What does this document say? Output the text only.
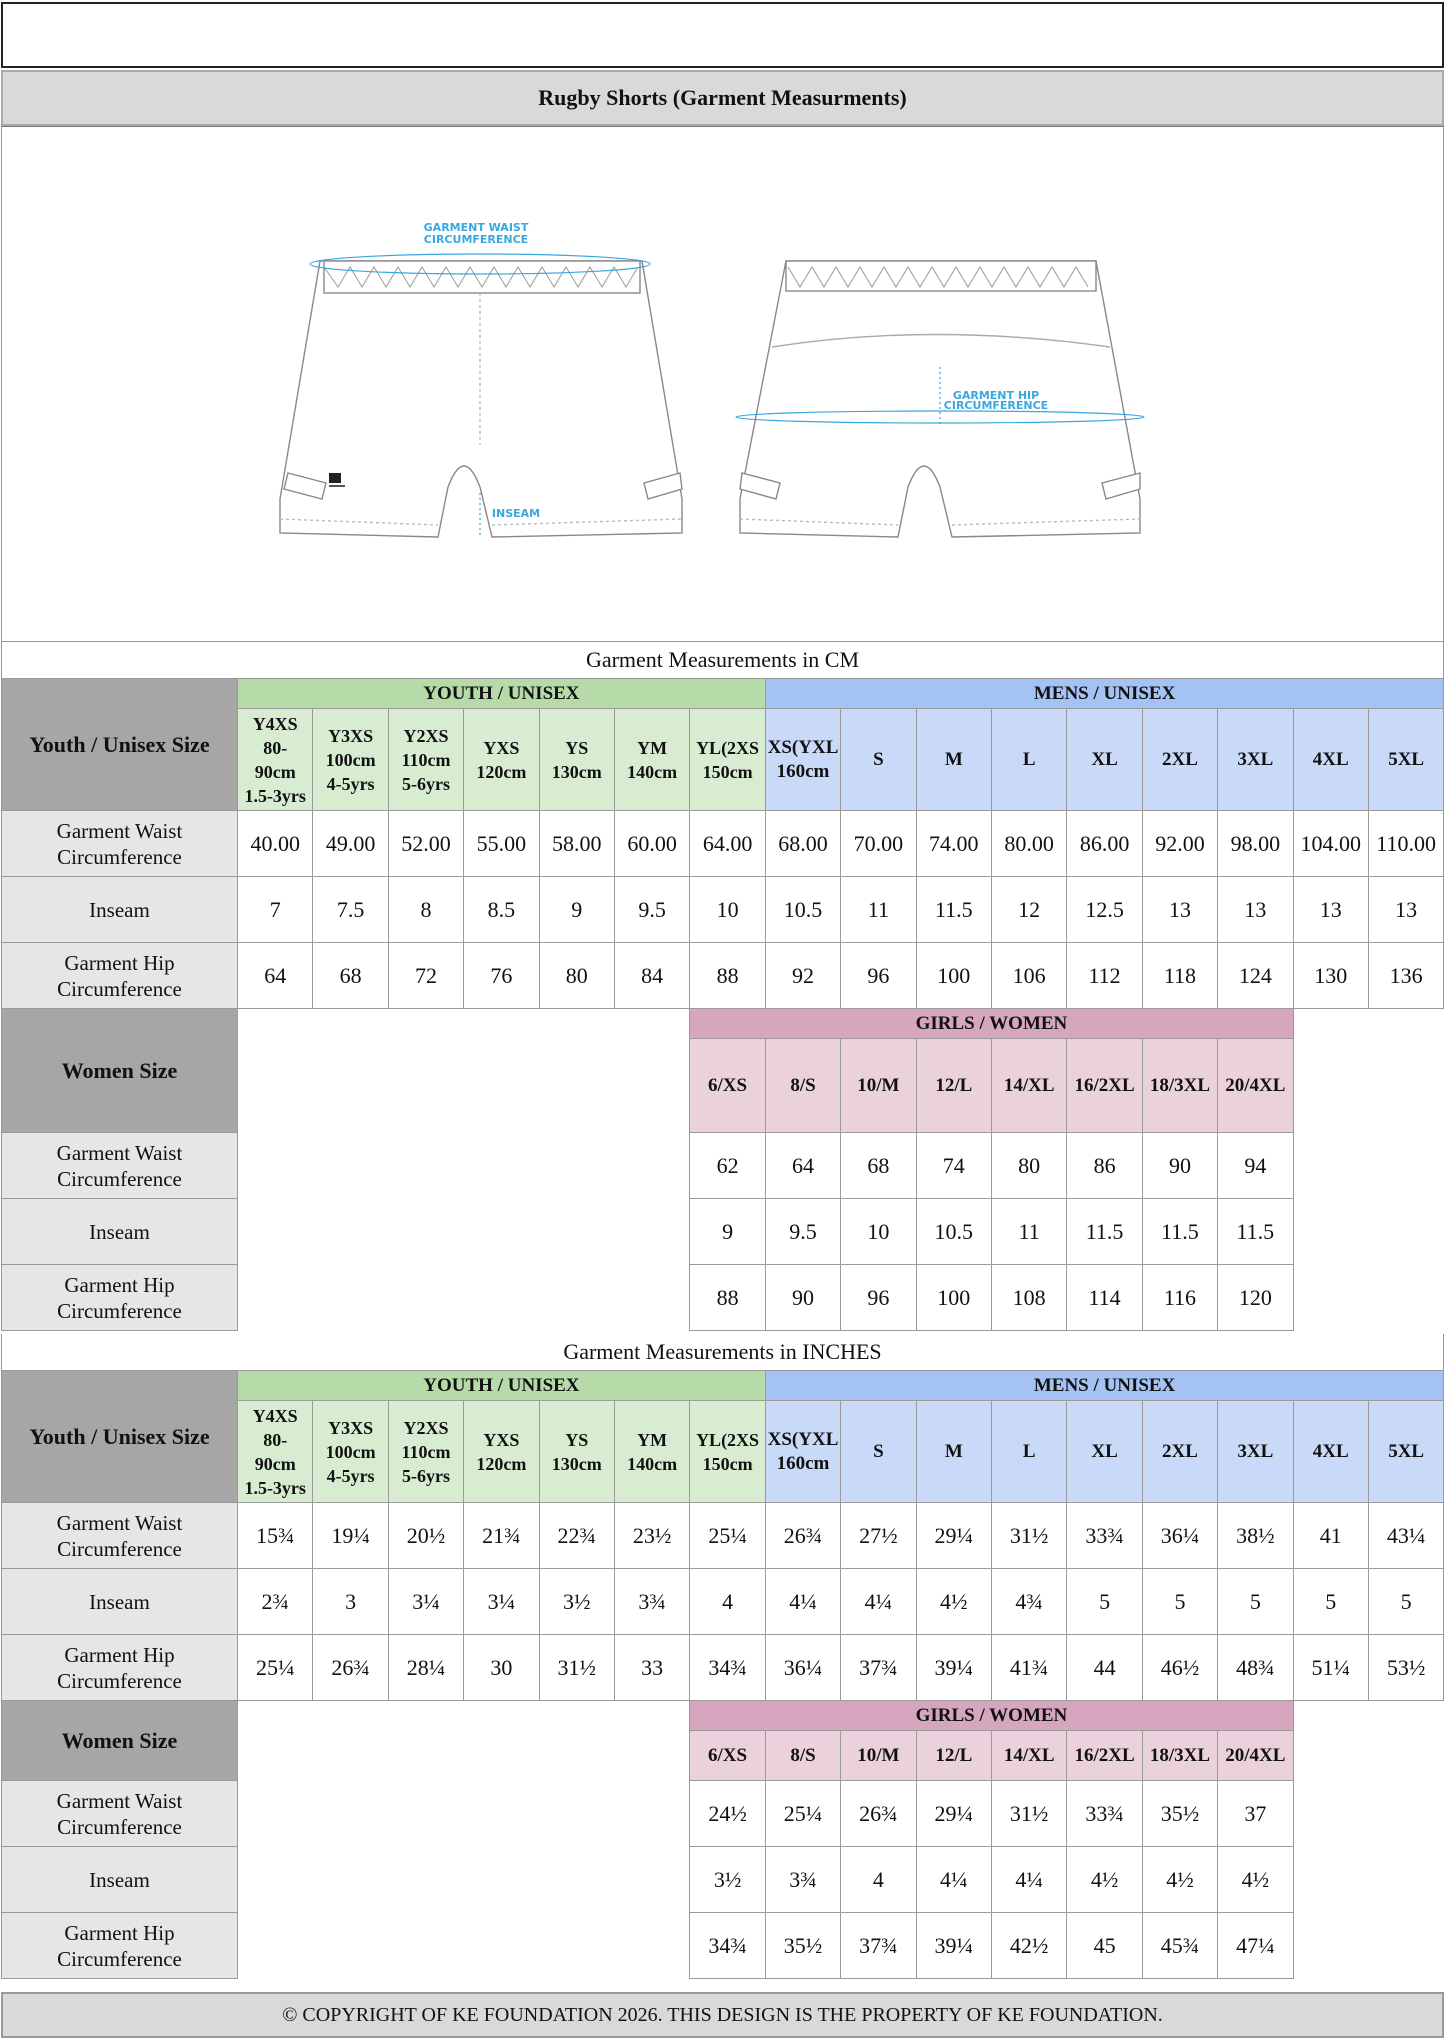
Rugby Shorts (Garment Measurments)
GARMENT WAIST
CIRCUMFERENCE
GARMENT HIP
CIRCUMFERENCE
INSEAM
Garment Measurements in CM
Youth / Unisex Size	YOUTH / UNISEX							MENS / UNISEX								
	Y4XS
80-
90cm
1.5-3yrs	Y3XS
100cm
4-5yrs	Y2XS
110cm
5-6yrs	YXS
120cm	YS
130cm	YM
140cm	YL(2XS
150cm	XS(YXL
160cm	S	M	L	XL	2XL	3XL	4XL	5XL
Garment Waist
Circumference	40.00	49.00	52.00	55.00	58.00	60.00	64.00	68.00	70.00	74.00	80.00	86.00	92.00	98.00	104.00	110.00
Inseam	7	7.5	8	8.5	9	9.5	10	10.5	11	11.5	12	12.5	13	13	13	13
Garment Hip
Circumference	64	68	72	76	80	84	88	92	96	100	106	112	118	124	130	136
Women Size							GIRLS / WOMEN									
							6/XS	8/S	10/M	12/L	14/XL	16/2XL	18/3XL	20/4XL		
Garment Waist
Circumference							62	64	68	74	80	86	90	94		
Inseam							9	9.5	10	10.5	11	11.5	11.5	11.5		
Garment Hip
Circumference							88	90	96	100	108	114	116	120		
Garment Measurements in INCHES
Youth / Unisex Size	YOUTH / UNISEX							MENS / UNISEX								
	Y4XS
80-
90cm
1.5-3yrs	Y3XS
100cm
4-5yrs	Y2XS
110cm
5-6yrs	YXS
120cm	YS
130cm	YM
140cm	YL(2XS
150cm	XS(YXL
160cm	S	M	L	XL	2XL	3XL	4XL	5XL
Garment Waist
Circumference	15¾	19¼	20½	21¾	22¾	23½	25¼	26¾	27½	29¼	31½	33¾	36¼	38½	41	43¼
Inseam	2¾	3	3¼	3¼	3½	3¾	4	4¼	4¼	4½	4¾	5	5	5	5	5
Garment Hip
Circumference	25¼	26¾	28¼	30	31½	33	34¾	36¼	37¾	39¼	41¾	44	46½	48¾	51¼	53½
Women Size							GIRLS / WOMEN									
							6/XS	8/S	10/M	12/L	14/XL	16/2XL	18/3XL	20/4XL		
Garment Waist
Circumference							24½	25¼	26¾	29¼	31½	33¾	35½	37		
Inseam							3½	3¾	4	4¼	4¼	4½	4½	4½		
Garment Hip
Circumference							34¾	35½	37¾	39¼	42½	45	45¾	47¼		
© COPYRIGHT OF KE FOUNDATION 2026. THIS DESIGN IS THE PROPERTY OF KE FOUNDATION.
